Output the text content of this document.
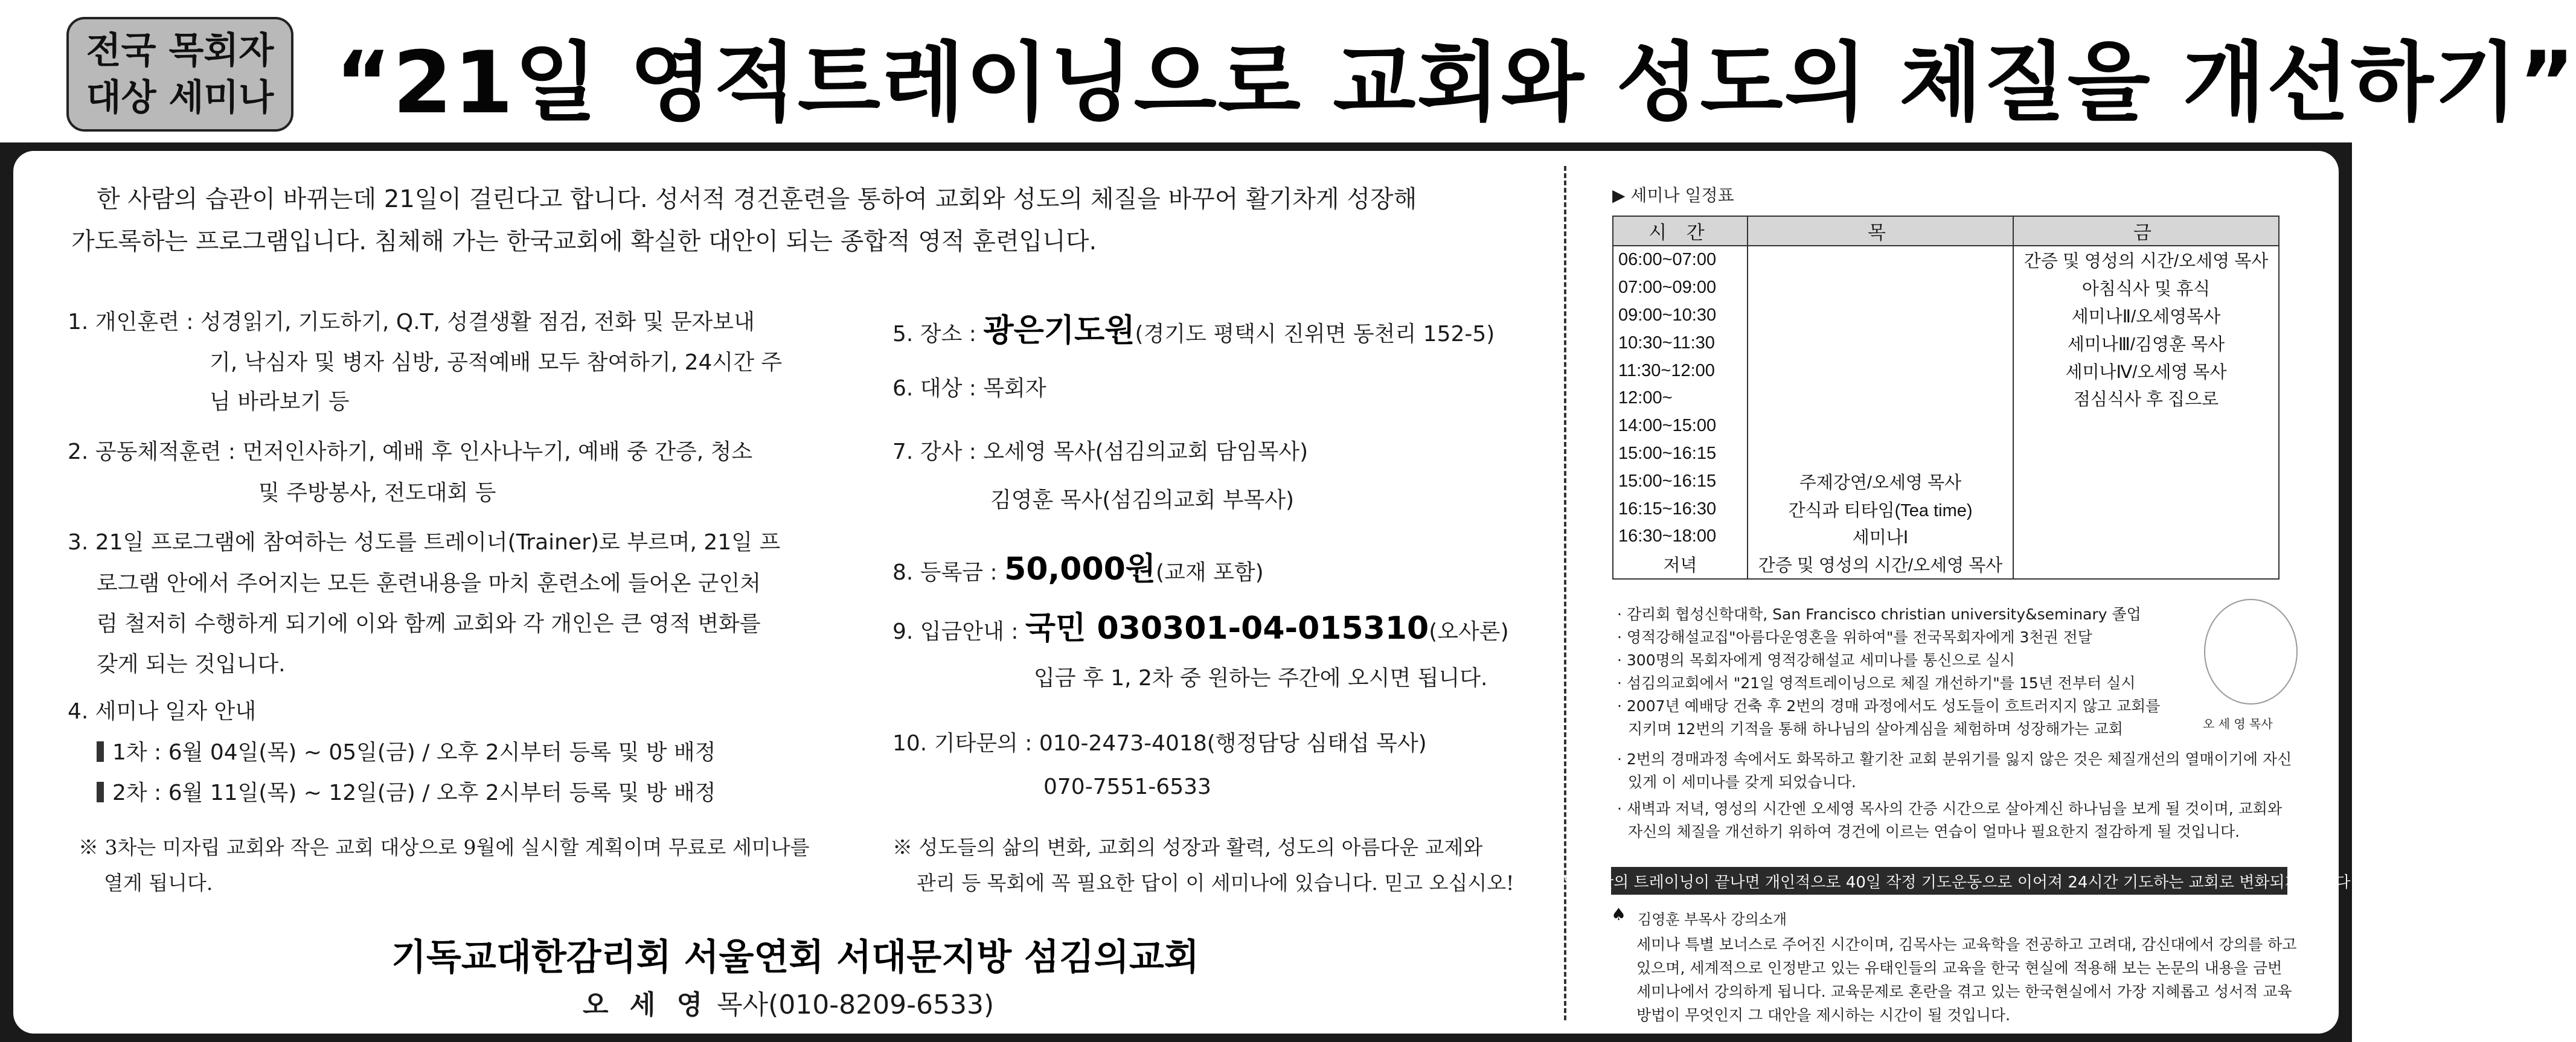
전국 목회자
대상 세미나 “21일 영적트레이닝으로 교회와 성도의 체질을 개선하기”
한 사람의 습관이 바뀌는데 21일이 걸린다고 합니다. 성서적 경건훈련을 통하여 교회와 성도의 체질을 바꾸어 활기차게 성장해
가도록하는 프로그램입니다. 침체해 가는 한국교회에 확실한 대안이 되는 종합적 영적 훈련입니다.
1. 개인훈련 : 성경읽기, 기도하기, Q.T, 성결생활 점검, 전화 및 문자보내
기, 낙심자 및 병자 심방, 공적예배 모두 참여하기, 24시간 주
님 바라보기 등
2. 공동체적훈련 : 먼저인사하기, 예배 후 인사나누기, 예배 중 간증, 청소
및 주방봉사, 전도대회 등
3. 21일 프로그램에 참여하는 성도를 트레이너(Trainer)로 부르며, 21일 프
로그램 안에서 주어지는 모든 훈련내용을 마치 훈련소에 들어온 군인처
럼 철저히 수행하게 되기에 이와 함께 교회와 각 개인은 큰 영적 변화를
갖게 되는 것입니다.
4. 세미나 일자 안내
1차 : 6월 04일(목) ~ 05일(금) / 오후 2시부터 등록 및 방 배정
2차 : 6월 11일(목) ~ 12일(금) / 오후 2시부터 등록 및 방 배정
※ 3차는 미자립 교회와 작은 교회 대상으로 9월에 실시할 계획이며 무료로 세미나를
열게 됩니다.
5. 장소 : 광은기도원(경기도 평택시 진위면 동천리 152-5)
6. 대상 : 목회자
7. 강사 : 오세영 목사(섬김의교회 담임목사)
김영훈 목사(섬김의교회 부목사)
8. 등록금 : 50,000원(교재 포함)
9. 입금안내 : 국민 030301-04-015310(오사론)
입금 후 1, 2차 중 원하는 주간에 오시면 됩니다.
10. 기타문의 : 010-2473-4018(행정담당 심태섭 목사)
070-7551-6533
※ 성도들의 삶의 변화, 교회의 성장과 활력, 성도의 아름다운 교제와
관리 등 목회에 꼭 필요한 답이 이 세미나에 있습니다. 믿고 오십시오!
기독교대한감리회 서울연회 서대문지방 섬김의교회
오 세 영 목사(010-8209-6533)
▶ 세미나 일정표
시 간	목	금
06:00~07:00		간증 및 영성의 시간/오세영 목사
07:00~09:00		아침식사 및 휴식
09:00~10:30		세미나Ⅱ/오세영목사
10:30~11:30		세미나Ⅲ/김영훈 목사
11:30~12:00		세미나Ⅳ/오세영 목사
12:00~		점심식사 후 집으로
14:00~15:00		
15:00~16:15		
15:00~16:15	주제강연/오세영 목사	
16:15~16:30	간식과 티타임(Tea time)	
16:30~18:00	세미나Ⅰ	
저녁	간증 및 영성의 시간/오세영 목사	
· 감리회 협성신학대학, San Francisco christian university&seminary 졸업
· 영적강해설교집"아름다운영혼을 위하여"를 전국목회자에게 3천권 전달
· 300명의 목회자에게 영적강해설교 세미나를 통신으로 실시
· 섬김의교회에서 "21일 영적트레이닝으로 체질 개선하기"를 15년 전부터 실시
· 2007년 예배당 건축 후 2번의 경매 과정에서도 성도들이 흐트러지지 않고 교회를
지키며 12번의 기적을 통해 하나님의 살아계심을 체험하며 성장해가는 교회
· 2번의 경매과정 속에서도 화목하고 활기찬 교회 분위기를 잃지 않은 것은 체질개선의 열매이기에 자신
있게 이 세미나를 갖게 되었습니다.
· 새벽과 저녁, 영성의 시간엔 오세영 목사의 간증 시간으로 살아계신 하나님을 보게 될 것이며, 교회와
자신의 체질을 개선하기 위하여 경건에 이르는 연습이 얼마나 필요한지 절감하게 될 것입니다.
오 세 영 목사
21일 동안의 트레이닝이 끝나면 개인적으로 40일 작정 기도운동으로 이어져 24시간 기도하는 교회로 변화되게 됩니다.
♠ 김영훈 부목사 강의소개
세미나 특별 보너스로 주어진 시간이며, 김목사는 교육학을 전공하고 고려대, 감신대에서 강의를 하고
있으며, 세계적으로 인정받고 있는 유태인들의 교육을 한국 현실에 적용해 보는 논문의 내용을 금번
세미나에서 강의하게 됩니다. 교육문제로 혼란을 겪고 있는 한국현실에서 가장 지혜롭고 성서적 교육
방법이 무엇인지 그 대안을 제시하는 시간이 될 것입니다.
